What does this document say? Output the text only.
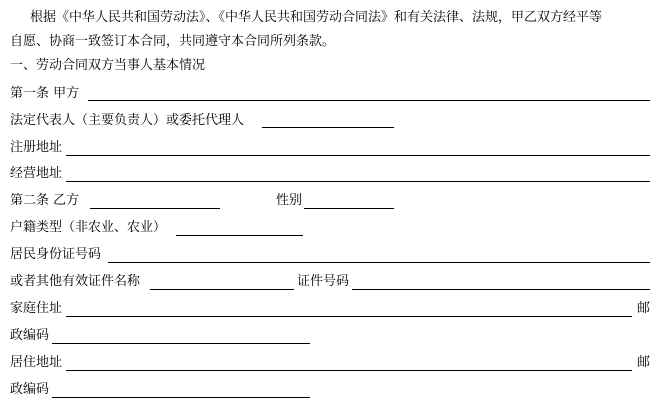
根据《中华人民共和国劳动法》、《中华人民共和国劳动合同法》和有关法律、法规，甲乙双方经平等
自愿、协商一致签订本合同，共同遵守本合同所列条款。
一、劳动合同双方当事人基本情况
第一条 甲方
法定代表人（主要负责人）或委托代理人
注册地址
经营地址
第二条 乙方	性别
户籍类型（非农业、农业）
居民身份证号码
或者其他有效证件名称	证件号码
家庭住址	邮
政编码
居住地址	邮
政编码
